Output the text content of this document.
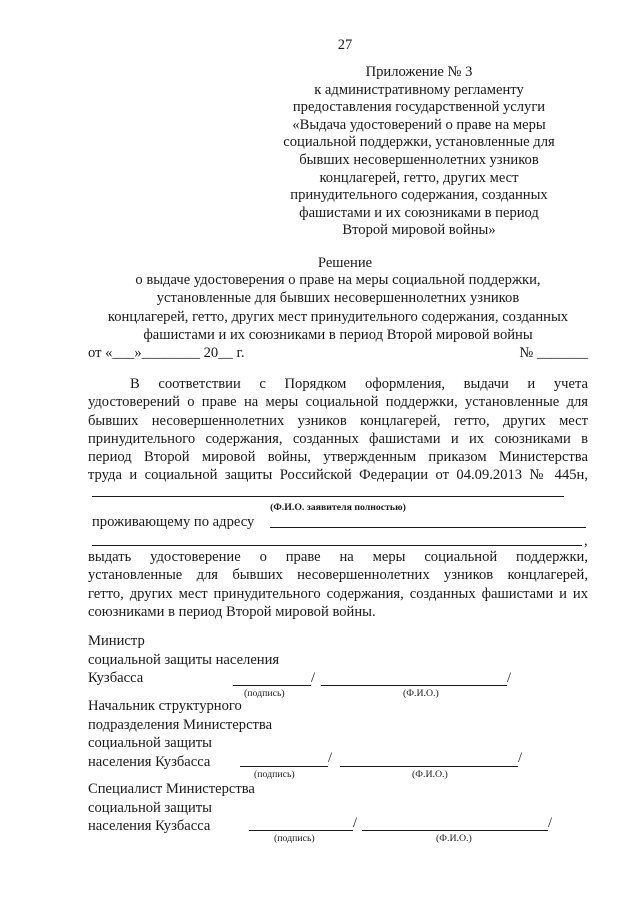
27
Приложение № 3
к административному регламенту
предоставления государственной услуги
«Выдача удостоверений о праве на меры
социальной поддержки, установленные для
бывших несовершеннолетних узников
концлагерей, гетто, других мест
принудительного содержания, созданных
фашистами и их союзниками в период
Второй мировой войны»
Решение
о выдаче удостоверения о праве на меры социальной поддержки,
установленные для бывших несовершеннолетних узников
концлагерей, гетто, других мест принудительного содержания, созданных
фашистами и их союзниками в период Второй мировой войны
от «___»________ 20__ г.	№ _______
В соответствии с Порядком оформления, выдачи и учета
удостоверений о праве на меры социальной поддержки, установленные для
бывших несовершеннолетних узников концлагерей, гетто, других мест
принудительного содержания, созданных фашистами и их союзниками в
период Второй мировой войны, утвержденным приказом Министерства
труда и социальной защиты Российской Федерации от 04.09.2013 № 445н,
(Ф.И.О. заявителя полностью)
проживающему по адресу
,
выдать удостоверение о праве на меры социальной поддержки,
установленные для бывших несовершеннолетних узников концлагерей,
гетто, других мест принудительного содержания, созданных фашистами и их
союзниками в период Второй мировой войны.
Министр
социальной защиты населения
Кузбасса	/	/
(подпись)	(Ф.И.О.)
Начальник структурного
подразделения Министерства
социальной защиты
населения Кузбасса	/	/
(подпись)	(Ф.И.О.)
Специалист Министерства
социальной защиты
населения Кузбасса	/	/
(подпись)	(Ф.И.О.)
